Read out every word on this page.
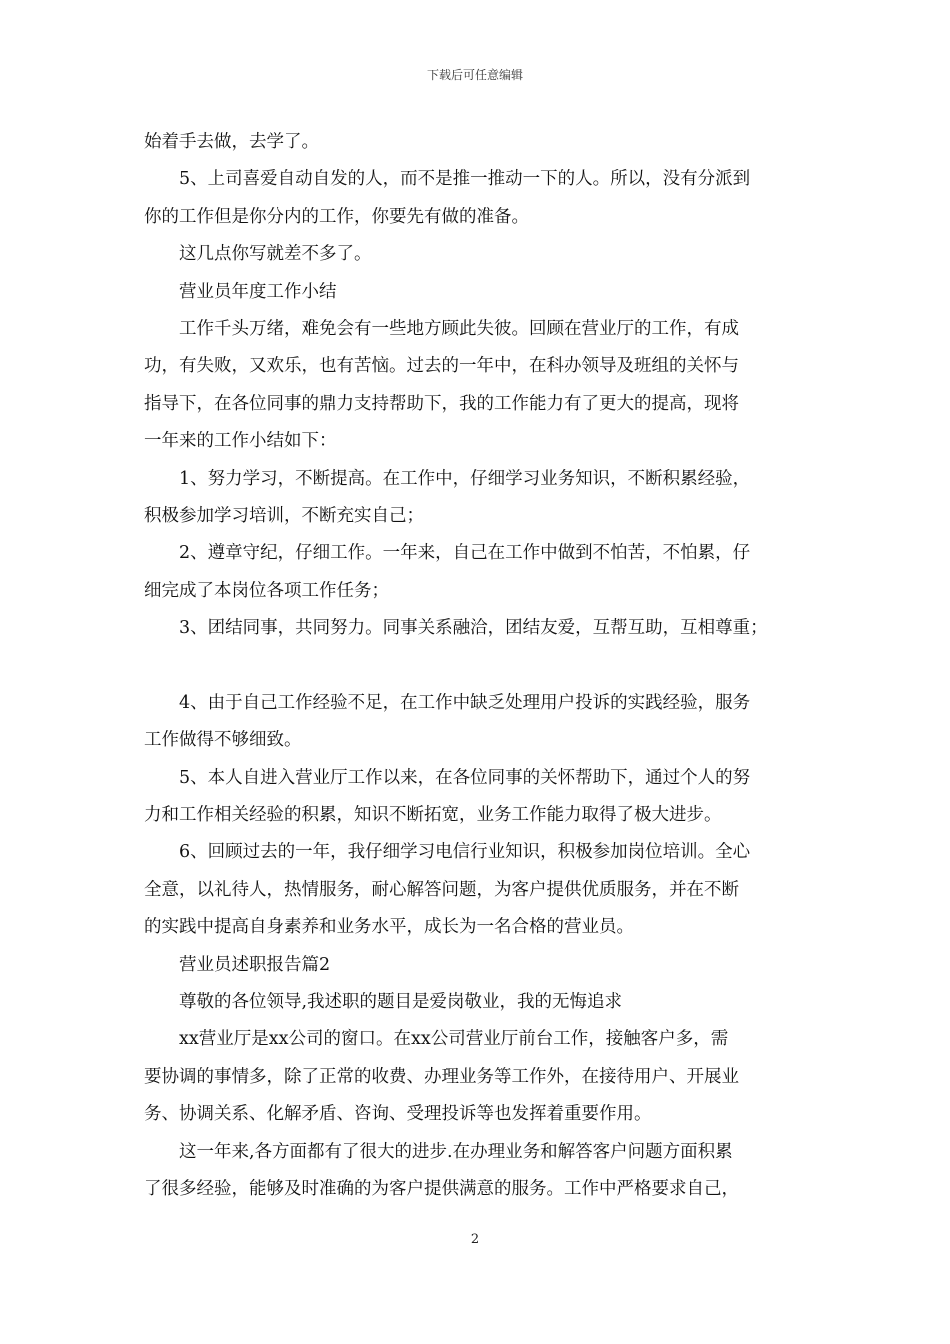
下载后可任意编辑
始着手去做，去学了。
　　5、上司喜爱自动自发的人，而不是推一推动一下的人。所以，没有分派到
你的工作但是你分内的工作，你要先有做的准备。
　　这几点你写就差不多了。
　　营业员年度工作小结
　　工作千头万绪，难免会有一些地方顾此失彼。回顾在营业厅的工作，有成
功，有失败，又欢乐，也有苦恼。过去的一年中，在科办领导及班组的关怀与
指导下，在各位同事的鼎力支持帮助下，我的工作能力有了更大的提高，现将
一年来的工作小结如下：
　　1、努力学习，不断提高。在工作中，仔细学习业务知识，不断积累经验，
积极参加学习培训，不断充实自己；
　　2、遵章守纪，仔细工作。一年来，自己在工作中做到不怕苦，不怕累，仔
细完成了本岗位各项工作任务；
　　3、团结同事，共同努力。同事关系融洽，团结友爱，互帮互助，互相尊重；
　　4、由于自己工作经验不足，在工作中缺乏处理用户投诉的实践经验，服务
工作做得不够细致。
　　5、本人自进入营业厅工作以来，在各位同事的关怀帮助下，通过个人的努
力和工作相关经验的积累，知识不断拓宽，业务工作能力取得了极大进步。
　　6、回顾过去的一年，我仔细学习电信行业知识，积极参加岗位培训。全心
全意，以礼待人，热情服务，耐心解答问题，为客户提供优质服务，并在不断
的实践中提高自身素养和业务水平，成长为一名合格的营业员。
　　营业员述职报告篇2
　　尊敬的各位领导,我述职的题目是爱岗敬业，我的无悔追求
　　xx营业厅是xx公司的窗口。在xx公司营业厅前台工作，接触客户多，需
要协调的事情多，除了正常的收费、办理业务等工作外，在接待用户、开展业
务、协调关系、化解矛盾、咨询、受理投诉等也发挥着重要作用。
　　这一年来,各方面都有了很大的进步.在办理业务和解答客户问题方面积累
了很多经验，能够及时准确的为客户提供满意的服务。工作中严格要求自己，
2
